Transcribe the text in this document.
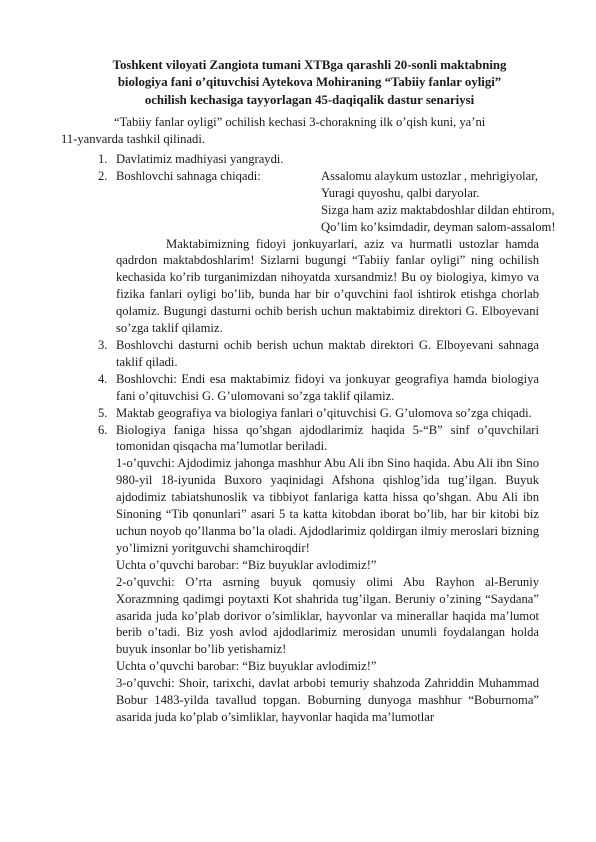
Toshkent viloyati Zangiota tumani XTBga qarashli 20-sonli maktabning
biologiya fani o’qituvchisi Aytekova Mohiraning “Tabiiy fanlar oyligi”
ochilish kechasiga tayyorlagan 45-daqiqalik dastur senariysi

“Tabiiy fanlar oyligi” ochilish kechasi 3-chorakning ilk o’qish kuni, ya’ni
11-yanvarda tashkil qilinadi.

1. Davlatimiz madhiyasi yangraydi.
2. Boshlovchi sahnaga chiqadi:	Assalomu alaykum ustozlar , mehrigiyolar,
Yuragi quyoshu, qalbi daryolar.
Sizga ham aziz maktabdoshlar dildan ehtirom,
Qo’lim ko’ksimdadir, deyman salom-assalom!
Maktabimizning fidoyi jonkuyarlari, aziz va hurmatli ustozlar hamda qadrdon maktabdoshlarim! Sizlarni bugungi “Tabiiy fanlar oyligi” ning ochilish kechasida ko’rib turganimizdan nihoyatda xursandmiz! Bu oy biologiya, kimyo va fizika fanlari oyligi bo’lib, bunda har bir o’quvchini faol ishtirok etishga chorlab qolamiz. Bugungi dasturni ochib berish uchun maktabimiz direktori G. Elboyevani so’zga taklif qilamiz.
3. Boshlovchi dasturni ochib berish uchun maktab direktori G. Elboyevani sahnaga taklif qiladi.
4. Boshlovchi: Endi esa maktabimiz fidoyi va jonkuyar geografiya hamda biologiya fani o’qituvchisi G. G’ulomovani so’zga taklif qilamiz.
5. Maktab geografiya va biologiya fanlari o’qituvchisi G. G’ulomova so’zga chiqadi.
6. Biologiya faniga hissa qo’shgan ajdodlarimiz haqida 5-“B” sinf o’quvchilari tomonidan qisqacha ma’lumotlar beriladi.
1-o’quvchi: Ajdodimiz jahonga mashhur Abu Ali ibn Sino haqida. Abu Ali ibn Sino 980-yil 18-iyunida Buxoro yaqinidagi Afshona qishlog’ida tug’ilgan. Buyuk ajdodimiz tabiatshunoslik va tibbiyot fanlariga katta hissa qo’shgan. Abu Ali ibn Sinoning “Tib qonunlari” asari 5 ta katta kitobdan iborat bo’lib, har bir kitobi biz uchun noyob qo’llanma bo’la oladi. Ajdodlarimiz qoldirgan ilmiy meroslari bizning yo’limizni yoritguvchi shamchiroqdir!
Uchta o’quvchi barobar: “Biz buyuklar avlodimiz!”
2-o’quvchi: O’rta asrning buyuk qomusiy olimi Abu Rayhon al-Beruniy Xorazmning qadimgi poytaxti Kot shahrida tug’ilgan. Beruniy o’zining “Saydana” asarida juda ko’plab dorivor o’simliklar, hayvonlar va minerallar haqida ma’lumot berib o’tadi. Biz yosh avlod ajdodlarimiz merosidan unumli foydalangan holda buyuk insonlar bo’lib yetishamiz!
Uchta o’quvchi barobar: “Biz buyuklar avlodimiz!”
3-o’quvchi: Shoir, tarixchi, davlat arbobi temuriy shahzoda Zahriddin Muhammad Bobur 1483-yilda tavallud topgan. Boburning dunyoga mashhur “Boburnoma” asarida juda ko’plab o’simliklar, hayvonlar haqida ma’lumotlar
